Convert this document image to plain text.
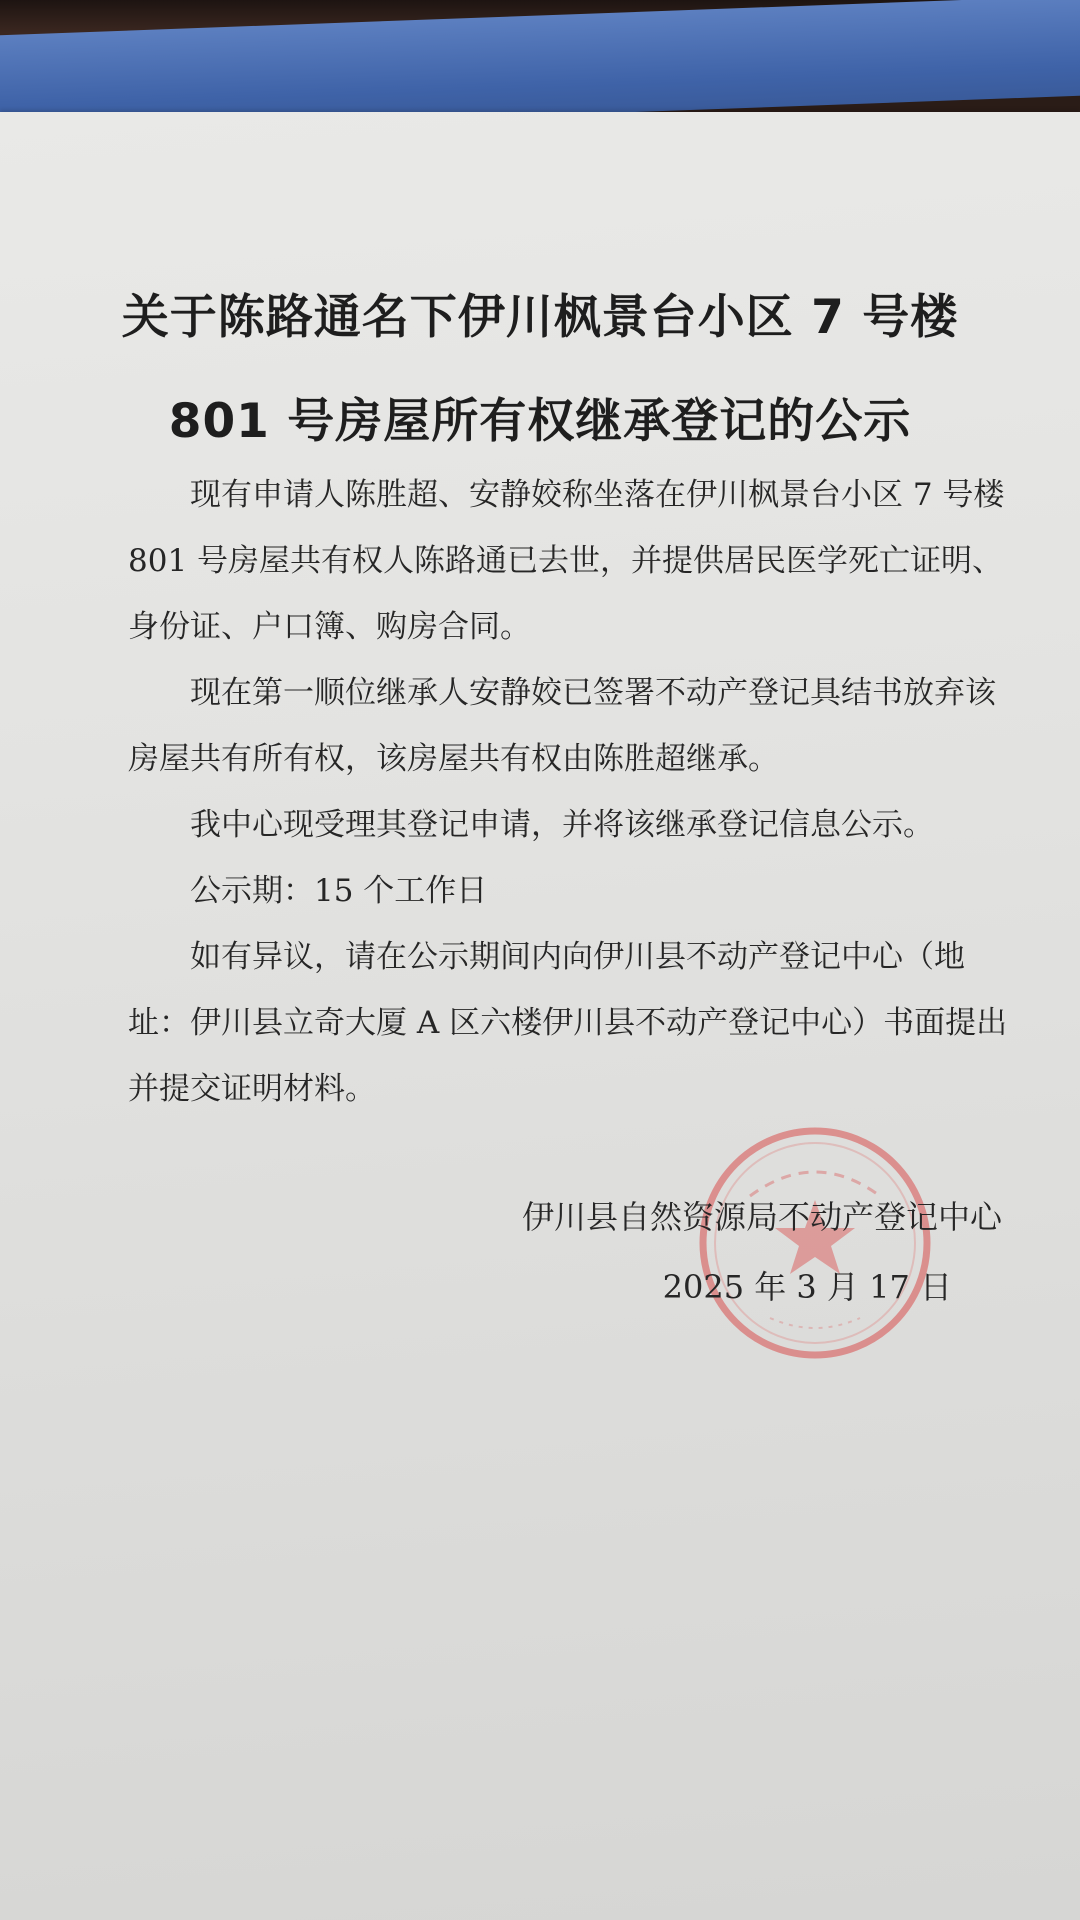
关于陈路通名下伊川枫景台小区 7 号楼
801 号房屋所有权继承登记的公示

现有申请人陈胜超、安静姣称坐落在伊川枫景台小区 7 号楼 801 号房屋共有权人陈路通已去世，并提供居民医学死亡证明、身份证、户口簿、购房合同。

现在第一顺位继承人安静姣已签署不动产登记具结书放弃该房屋共有所有权，该房屋共有权由陈胜超继承。

我中心现受理其登记申请，并将该继承登记信息公示。

公示期：15 个工作日

如有异议，请在公示期间内向伊川县不动产登记中心（地址：伊川县立奇大厦 A 区六楼伊川县不动产登记中心）书面提出并提交证明材料。

伊川县自然资源局不动产登记中心
2025 年 3 月 17 日
